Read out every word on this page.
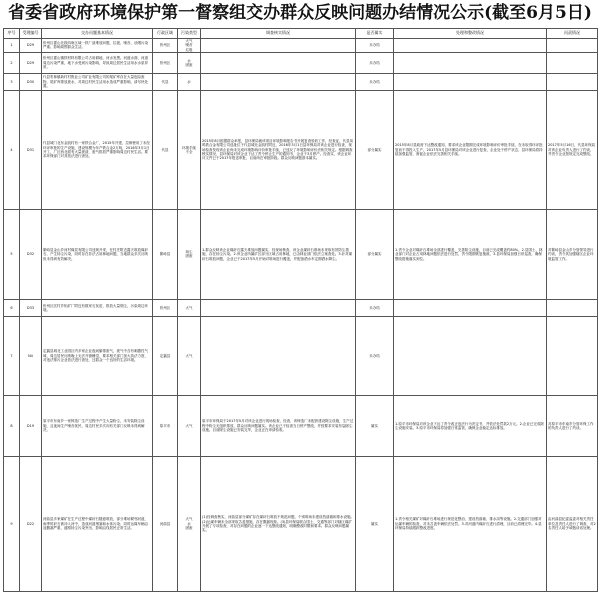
省委省政府环境保护第一督察组交办群众反映问题办结情况公示(截至6月5日)
序号	受理编号	交办问题基本情况	行政区域	污染类型	调查核实情况	是否属实	处理和整改情况	问责情况
1	D29	忻州区霍山北段四角区域一铁厂渣堆放问题，拉圾、噪音、油烟污染严重。影响周围群众生活。	忻州区	大气
噪音
垃圾		未办结		
2	D29	忻州区霍山镇铁材料有限公司占用耕地、河水发黑。河道水面、河道周边污染严重，地下水受到污染影响，导致周边居民生活用水水质异常。	忻州区	水
固废		未办结		
3	D30	代县枣林镇新村村焦业公司矿业有限公司的尾矿库存在大量危险废物，尾矿库排放废水，对周边村民生活用水造成严重影响，请尽快处置。	代县	水		未办结		
4	D31	代县城门北东金凯村有一家铁合金厂，2015年开建，拉制使用了未经环评审批的生产设施，建设规模为年产铁合金2万吨，2016年3月1日开工，厂区西北面有大量废渣，废气排放严重影响周边村民生活。要求环保部门对其依法进行查处。	代县	环境手续
不全	2015年8月根据群众举报，县环保局就该项目环境影响报告书开展复查验收工作，经查证，代县凤鸣铁合金有限公司选址位于代县城北金凯村附近，2016年3月1日县环保局对该企业进行检查，现场检查发现该企业尚未完成环境影响评价审批手续，已违反了环境影响评价法相关规定。根据调查核实情况，县环保局对该企业下达了责令停止生产的通知书，企业于3月停产。经查实，该企业环评文件已于2017年报送审批，目前尚在审批阶段。群众反映问题基本属实。	部分属实	2015年8月县政府下达整改通知，要求该企业限期完成环境影响评价审批手续，在未取得环评批复前不得投入生产。2017年5月县环保局对该企业进行复查，企业处于停产状态，县环保局将持续加强监管，督促企业依法完善相关手续。	2017年5月16日，代县环保局对该企业负责人进行了约谈，并责令企业按规定完成整改。
5	D32	繁峙县金山乡河村煤炭有限公司违规开采，在村庄附近露天堆放煤矸石，产生扬尘污染，同时存在非法占用林地问题，当地群众多次反映但未得到有效解决。	繁峙县	扬尘
固废	1.群众反映该企业煤矸石露天堆放问题属实，经现场核查，该企业煤矸石堆场未采取有效防尘措施，存在扬尘污染。2.该企业所属矿区部分区域占用林地，已由林业部门依法立案查处。3.针对煤矸石堆放问题，企业已于2017年5月开始对堆场进行覆盖，并配备洒水车定期洒水降尘。	部分属实	1.责令企业对煤矸石堆场全部进行覆盖，完善防尘设施，目前已完成覆盖约80%。2.县国土、林业部门对企业占用林地问题依法进行处罚，责令限期恢复植被。3.县环保局加强日常巡查，确保整改措施落实到位。	对繁峙县金山乡分管领导进行约谈，责令其加强辖区企业环境监管工作。
6	D33	忻州区匡村乡铝矿厂附近有数家石灰窑，排放大量烟尘，污染周边环境。	忻州区	大气		未办结		
7	N4	定襄县城北工业园区内多家企业夜间偷排废气，废气中含有刺激性气味，周边居民反映晚上无法开窗睡觉，要求相关部门加大执法力度，对违法排污企业依法进行查处，还群众一个良好的生活环境。	定襄县	大气		未办结		
8	D19	原平市东南乡一家铸造厂生产过程中产生大量粉尘，未安装除尘设施，且夜间生产噪音扰民，周边村民多次向有关部门反映未得到解决。	原平市	大气	原平市环保局于2017年5月对该企业进行现场检查，经查，该铸造厂未配套建设除尘设施，生产过程中粉尘无组织排放，群众反映问题属实。该企业已于检查当日停产整改，并按要求安装布袋除尘设施。目前除尘设施已安装完毕，企业正在申请验收。	属实	1.原平市环保局对该企业下达了责令改正违法行为决定书，并依法处罚款2万元。2.企业已完成除尘设施安装。3.原平市环保局将加强日常监管，确保企业稳定达标排放。	对原平市东南乡分管环保工作的负责人进行了约谈。
9	D22	河曲县多家煤矿在生产过程中煤矸石随意堆放，部分堆场紧邻河道，雨季时矸石被冲入河中，造成河道堵塞和水体污染；同时运煤车辆沿途撒漏严重，道路扬尘污染突出，影响沿线居民正常生活。	河曲县	大气
水
固废	(1)经调查核实，河曲县部分煤矿存在煤矸石堆放不规范问题，个别堆场未建设挡渣墙和排水设施。(2)运煤车辆未全部采取苫盖措施，存在撒漏现象。(3)县环保局联合国土、交通等部门对辖区煤矿开展了专项检查，对存在问题的企业逐一下达整改通知，明确整改时限和要求。群众反映问题属实。	属实	1.责令相关煤矿对煤矸石堆场进行规范化整治，建设挡渣墙、排水沟等设施。2.交通部门加强对运煤车辆的检查，对未苫盖车辆依法处罚。3.对河道内煤矸石进行清理，目前已清理完毕。4.县环保局持续跟踪整改进度。	由河曲县纪委监委对相关责任单位及责任人进行了调查，对2名责任人给予诫勉谈话处理。
